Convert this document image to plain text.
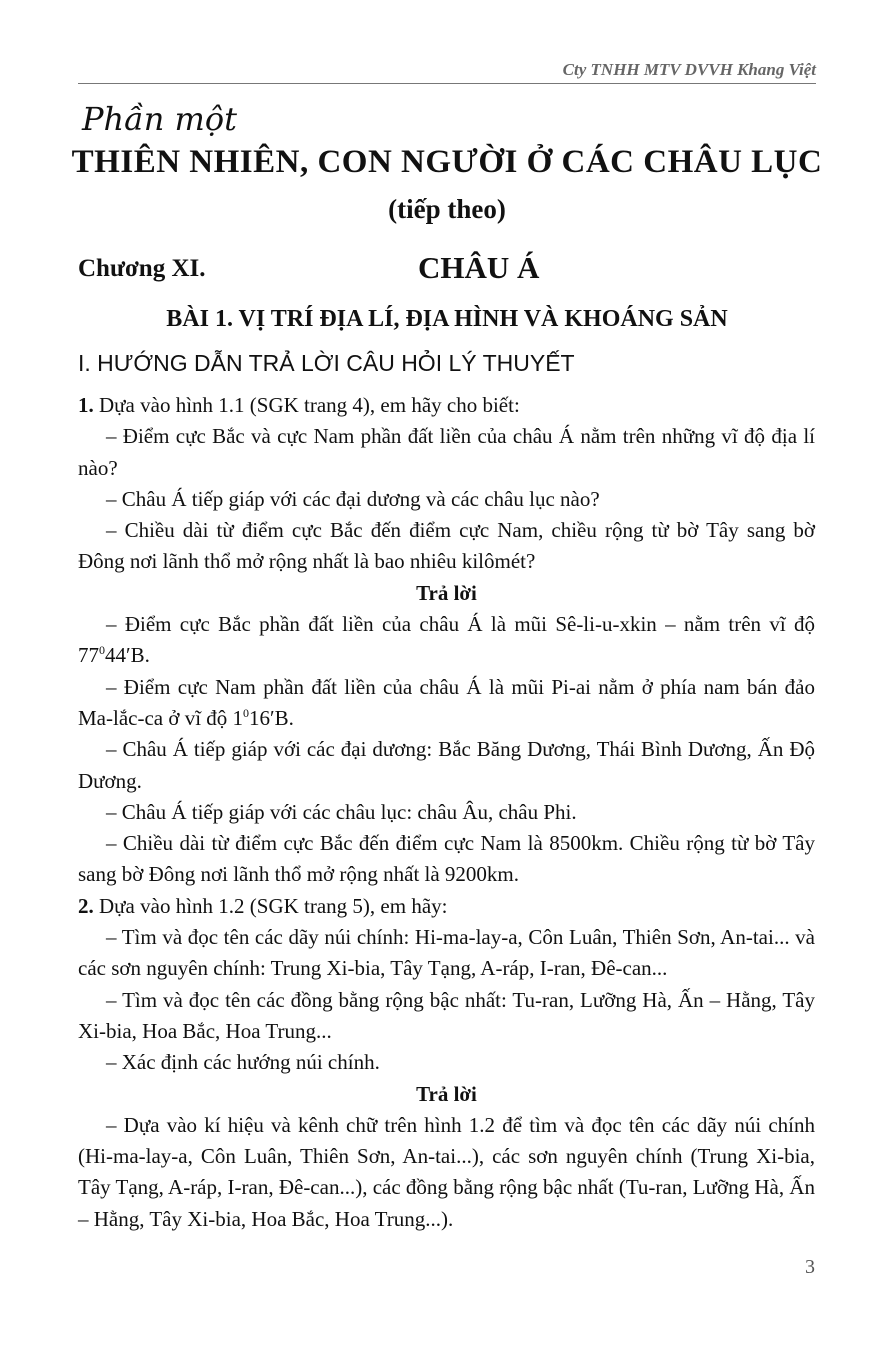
Cty TNHH MTV DVVH Khang Việt
Phần một
THIÊN NHIÊN, CON NGƯỜI Ở CÁC CHÂU LỤC
(tiếp theo)
Chương XI.	CHÂU Á
BÀI 1. VỊ TRÍ ĐỊA LÍ, ĐỊA HÌNH VÀ KHOÁNG SẢN
I. HƯỚNG DẪN TRẢ LỜI CÂU HỎI LÝ THUYẾT

1. Dựa vào hình 1.1 (SGK trang 4), em hãy cho biết:

– Điểm cực Bắc và cực Nam phần đất liền của châu Á nằm trên những vĩ độ địa lí nào?

– Châu Á tiếp giáp với các đại dương và các châu lục nào?

– Chiều dài từ điểm cực Bắc đến điểm cực Nam, chiều rộng từ bờ Tây sang bờ Đông nơi lãnh thổ mở rộng nhất là bao nhiêu kilômét?

Trả lời

– Điểm cực Bắc phần đất liền của châu Á là mũi Sê-li-u-xkin – nằm trên vĩ độ $77^044ʹB$.

– Điểm cực Nam phần đất liền của châu Á là mũi Pi-ai nằm ở phía nam bán đảo Ma-lắc-ca ở vĩ độ $1^016ʹB$.

– Châu Á tiếp giáp với các đại dương: Bắc Băng Dương, Thái Bình Dương, Ấn Độ Dương.

– Châu Á tiếp giáp với các châu lục: châu Âu, châu Phi.

– Chiều dài từ điểm cực Bắc đến điểm cực Nam là 8500km. Chiều rộng từ bờ Tây sang bờ Đông nơi lãnh thổ mở rộng nhất là 9200km.

2. Dựa vào hình 1.2 (SGK trang 5), em hãy:

– Tìm và đọc tên các dãy núi chính: Hi-ma-lay-a, Côn Luân, Thiên Sơn, An-tai... và các sơn nguyên chính: Trung Xi-bia, Tây Tạng, A-ráp, I-ran, Đê-can...

– Tìm và đọc tên các đồng bằng rộng bậc nhất: Tu-ran, Lưỡng Hà, Ấn – Hằng, Tây Xi-bia, Hoa Bắc, Hoa Trung...

– Xác định các hướng núi chính.

Trả lời

– Dựa vào kí hiệu và kênh chữ trên hình 1.2 để tìm và đọc tên các dãy núi chính (Hi-ma-lay-a, Côn Luân, Thiên Sơn, An-tai...), các sơn nguyên chính (Trung Xi-bia, Tây Tạng, A-ráp, I-ran, Đê-can...), các đồng bằng rộng bậc nhất (Tu-ran, Lưỡng Hà, Ấn – Hằng, Tây Xi-bia, Hoa Bắc, Hoa Trung...).

3
